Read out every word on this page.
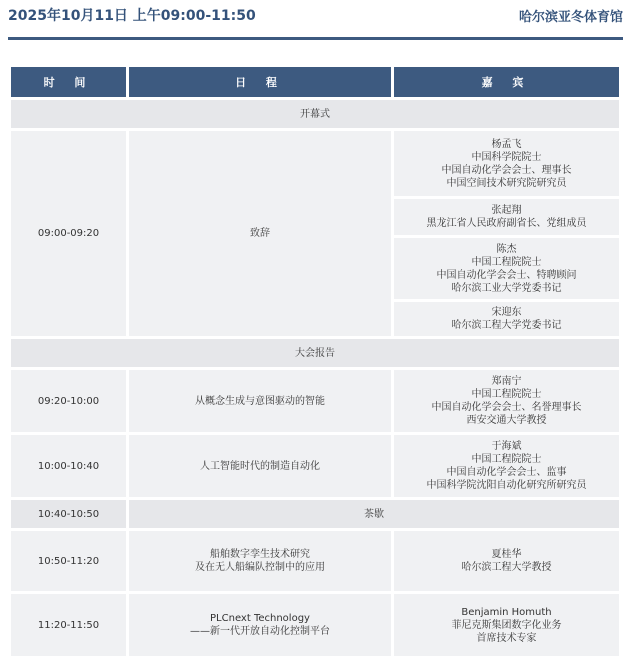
2025年10月11日 上午09:00-11:50	哈尔滨亚冬体育馆
时 间	日 程	嘉 宾
开幕式		
09:00-09:20	致辞	杨孟飞
中国科学院院士
中国自动化学会会士、理事长
中国空间技术研究院研究员

		张起翔
黑龙江省人民政府副省长、党组成员

		陈杰
中国工程院院士
中国自动化学会会士、特聘顾问
哈尔滨工业大学党委书记

		宋迎东
哈尔滨工程大学党委书记

大会报告		
09:20-10:00	从概念生成与意图驱动的智能	郑南宁
中国工程院院士
中国自动化学会会士、名誉理事长
西安交通大学教授

10:00-10:40	人工智能时代的制造自动化	于海斌
中国工程院院士
中国自动化学会会士、监事
中国科学院沈阳自动化研究所研究员

10:40-10:50	茶歇	
10:50-11:20	船舶数字孪生技术研究
及在无人船编队控制中的应用	夏桂华
哈尔滨工程大学教授

11:20-11:50	PLCnext Technology
——新一代开放自动化控制平台	Benjamin Homuth
菲尼克斯集团数字化业务
首席技术专家
